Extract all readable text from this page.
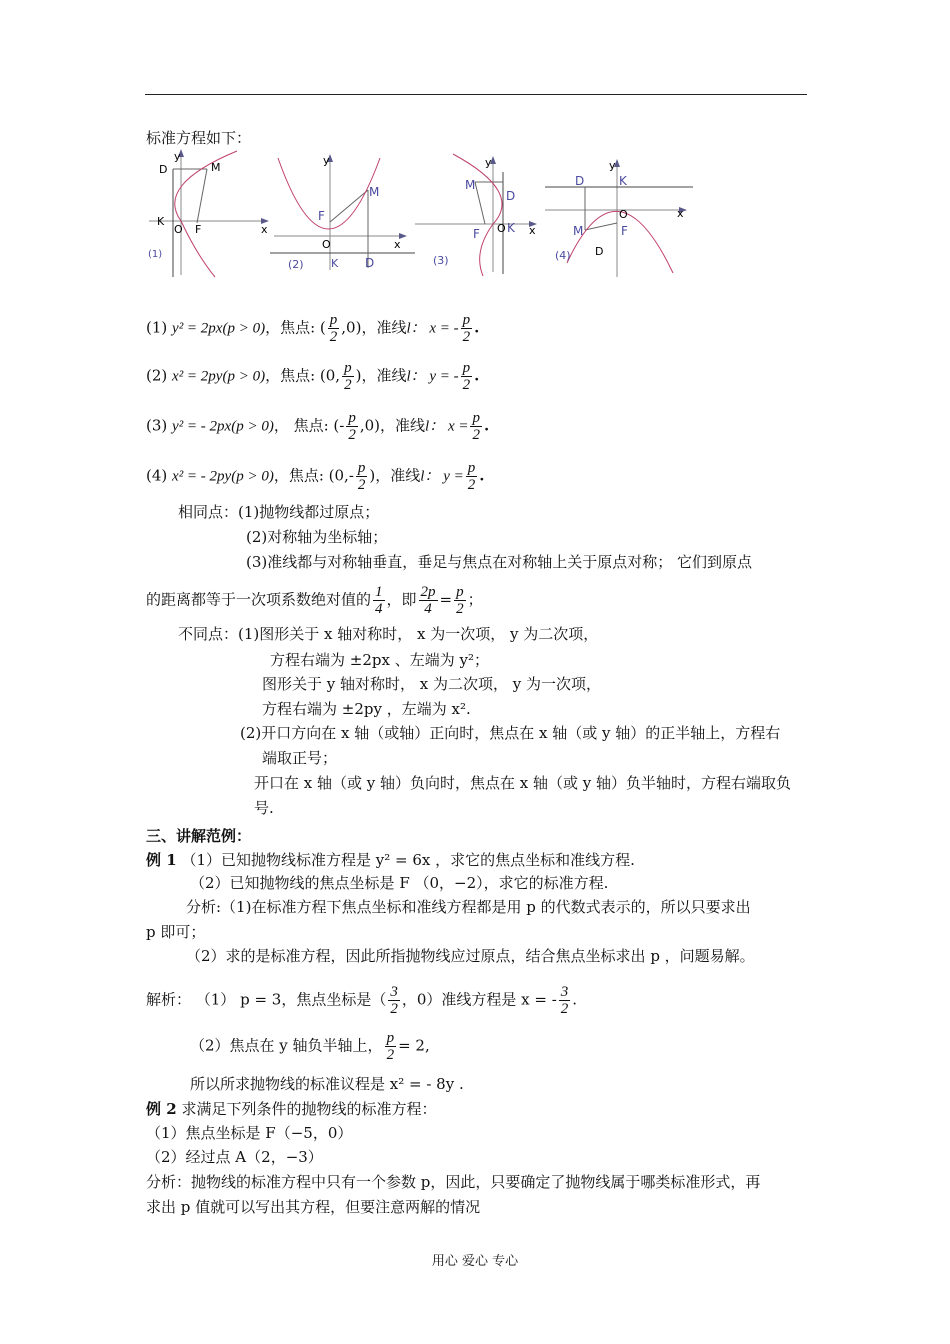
标准方程如下：
D
y
M
K
O F	x
(1)
y
F
M
O	x
K D
(2)
y
M
D
F O K x
(3)
y
D	K
O	x
M	F
D
(4)
(1) y² = 2px(p > 0)，焦点: ( $\frac{p}{2} ,0$)，准线l： x = - $\frac{p}{2}$ .
(2) x² = 2py(p > 0)，焦点: (0, $\frac{p}{2}$ )，准线l： y = - $\frac{p}{2}$ .
(3) y² = - 2px(p > 0)， 焦点: (- $\frac{p}{2} ,0$)，准线l： $x = \frac{p}{2}$ .
(4) x² = - 2py(p > 0)，焦点: ($0,- \frac{p}{2}$ )，准线l： $y = \frac{p}{2}$ .
相同点：(1)抛物线都过原点；
(2)对称轴为坐标轴；
(3)准线都与对称轴垂直，垂足与焦点在对称轴上关于原点对称； 它们到原点
的距离都等于一次项系数绝对值的 $\frac{1}{4}$ ，即 $\frac{2p}{4} = \frac{p}{2}$ ；
不同点：(1)图形关于 x 轴对称时， x 为一次项， y 为二次项，
方程右端为 ±2px 、左端为 y²；
图形关于 y 轴对称时， x 为二次项， y 为一次项，
方程右端为 ±2py ，左端为 x².
(2)开口方向在 x 轴（或轴）正向时，焦点在 x 轴（或 y 轴）的正半轴上，方程右
端取正号；
开口在 x 轴（或 y 轴）负向时，焦点在 x 轴（或 y 轴）负半轴时，方程右端取负
号.
三、讲解范例：
例 1 （1）已知抛物线标准方程是 y² = 6x ，求它的焦点坐标和准线方程.
（2）已知抛物线的焦点坐标是 F （0，−2），求它的标准方程.
分析:（1)在标准方程下焦点坐标和准线方程都是用 p 的代数式表示的，所以只要求出
p 即可；
（2）求的是标准方程，因此所指抛物线应过原点，结合焦点坐标求出 p ，问题易解。
解析： （1） p = 3，焦点坐标是（ $\frac{3}{2}$ ，0）准线方程是 x = - $\frac{3}{2}$ .
（2）焦点在 y 轴负半轴上， $\frac{p}{2} = 2$,
所以所求抛物线的标准议程是 x² = - 8y .
例 2 求满足下列条件的抛物线的标准方程：
（1）焦点坐标是 F（−5，0）
（2）经过点 A（2，−3）
分析：抛物线的标准方程中只有一个参数 p，因此，只要确定了抛物线属于哪类标准形式，再
求出 p 值就可以写出其方程，但要注意两解的情况
用心 爱心 专心
